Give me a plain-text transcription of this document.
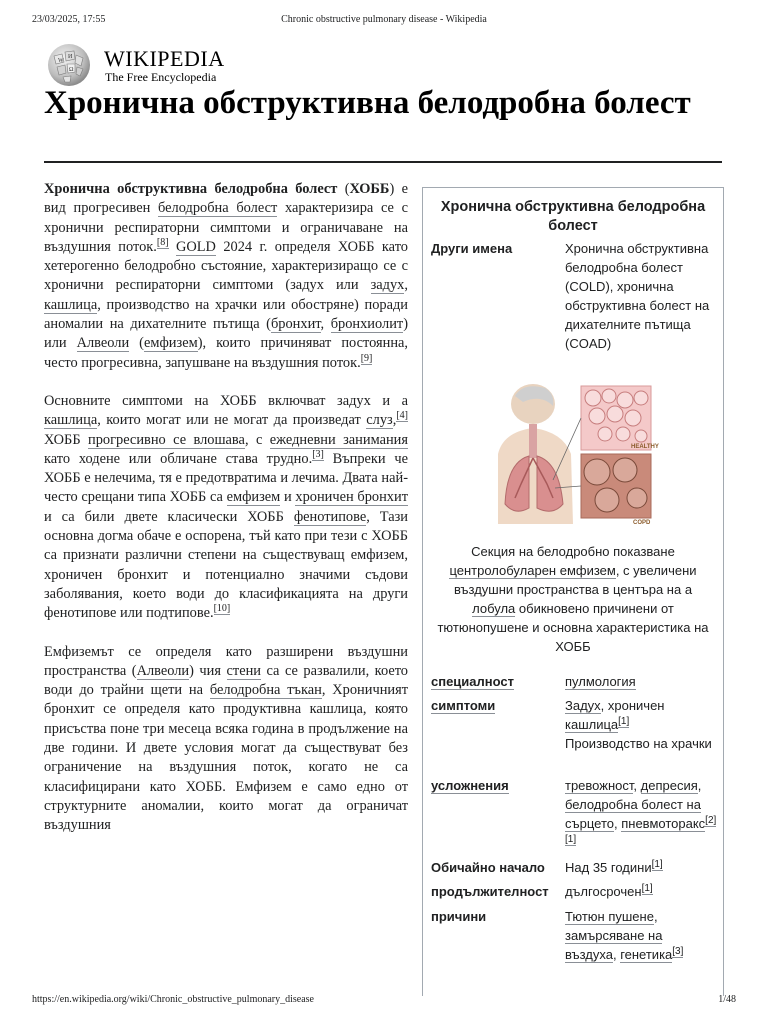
23/03/2025, 17:55	Chronic obstructive pulmonary disease - Wikipedia
W
И
Ω WIKIPEDIA
The Free Encyclopedia
Хронична обструктивна белодробна болест

Хронична обструктивна белодробна болест (ХОББ) е вид прогресивен белодробна болест характеризира се с хронични респираторни симптоми и ограничаване на въздушния поток.[8] GOLD 2024 г. определя ХОББ като хетерогенно белодробно състояние, характеризиращо се с хронични респираторни симптоми (задух или задух, кашлица, производство на храчки или обостряне) поради аномалии на дихателните пътища (бронхит, бронхиолит) или Алвеоли (емфизем), които причиняват постоянна, често прогресивна, запушване на въздушния поток.[9]

Основните симптоми на ХОББ включват задух и а кашлица, които могат или не могат да произведат слуз,[4] ХОББ прогресивно се влошава, с ежедневни занимания като ходене или обличане става трудно.[3] Въпреки че ХОББ е нелечима, тя е предотвратима и лечима. Двата най-често срещани типа ХОББ са емфизем и хроничен бронхит и са били двете класически ХОББ фенотипове, Тази основна догма обаче е оспорена, тъй като при тези с ХОББ са признати различни степени на съществуващ емфизем, хроничен бронхит и потенциално значими съдови заболявания, което води до класификацията на други фенотипове или подтипове.[10]

Емфиземът се определя като разширени въздушни пространства (Алвеоли) чия стени са се развалили, което води до трайни щети на белодробна тъкан, Хроничният бронхит се определя като продуктивна кашлица, която присъства поне три месеца всяка година в продължение на две години. И двете условия могат да съществуват без ограничение на въздушния поток, когато не са класифицирани като ХОББ. Емфизем е само едно от структурните аномалии, които могат да ограничат въздушния

Хронична обструктивна белодробна болест
Други имена	Хронична обструктивна белодробна болест (COLD), хронична обструктивна болест на дихателните пътища (COAD)
HEALTHY
COPD
Секция на белодробно показване центролобуларен емфизем, с увеличени въздушни пространства в центъра на а лобула обикновено причинени от тютюнопушене и основна характеристика на ХОББ
специалност	пулмология
симптоми	Задух, хроничен кашлица[1]
Производство на храчки
усложнения	тревожност, депресия, белодробна болест на сърцето, пневмоторакс[2][1]
Обичайно начало	Над 35 години[1]
продължителност	дългосрочен[1]
причини	Тютюн пушене, замърсяване на въздуха, генетика[3]
https://en.wikipedia.org/wiki/Chronic_obstructive_pulmonary_disease	1/48
